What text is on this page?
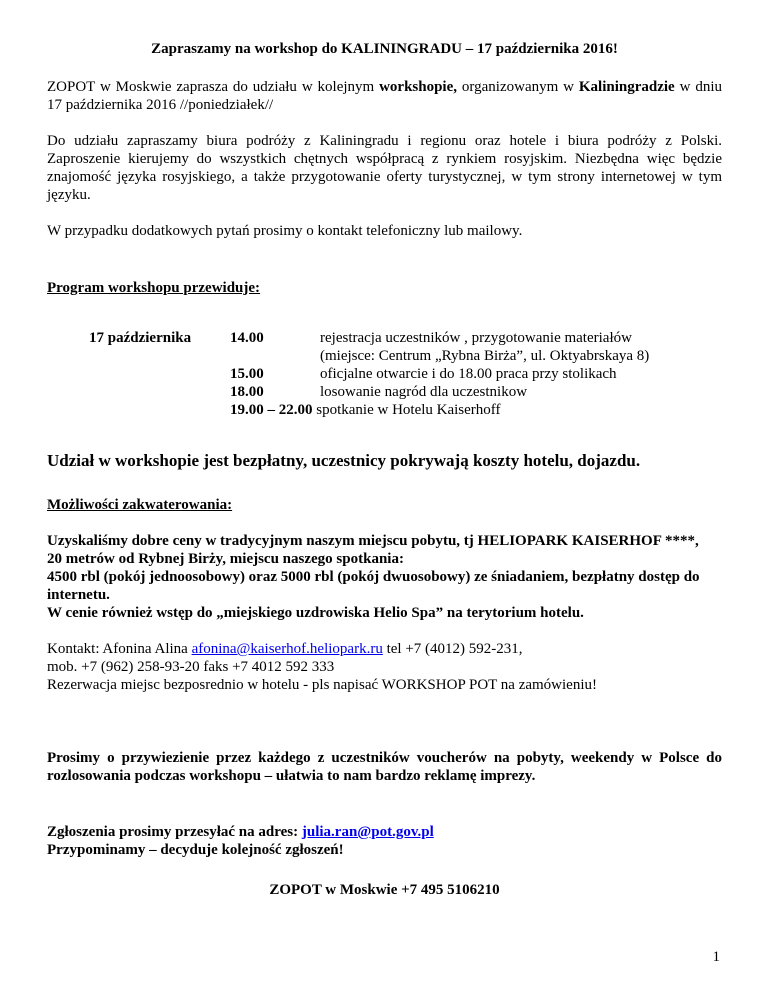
Zapraszamy na workshop do KALININGRADU – 17 października 2016!

ZOPOT w Moskwie zaprasza do udziału w kolejnym workshopie, organizowanym w Kaliningradzie w dniu 17 października 2016 //poniedziałek//

Do udziału zapraszamy biura podróży z Kaliningradu i regionu oraz hotele i biura podróży z Polski. Zaproszenie kierujemy do wszystkich chętnych współpracą z rynkiem rosyjskim. Niezbędna więc będzie znajomość języka rosyjskiego, a także przygotowanie oferty turystycznej, w tym strony internetowej w tym języku.

W przypadku dodatkowych pytań prosimy o kontakt telefoniczny lub mailowy.

Program workshopu przewiduje:

17 października	14.00	rejestracja uczestników , przygotowanie materiałów
(miejsce: Centrum „Rybna Birża”, ul. Oktyabrskaya 8)
15.00	oficjalne otwarcie i do 18.00 praca przy stolikach
18.00	losowanie nagród dla uczestnikow
19.00 – 22.00 spotkanie w Hotelu Kaiserhoff

Udział w workshopie jest bezpłatny, uczestnicy pokrywają koszty hotelu, dojazdu.

Możliwości zakwaterowania:

Uzyskaliśmy dobre ceny w tradycyjnym naszym miejscu pobytu, tj HELIOPARK KAISERHOF ****,

20 metrów od Rybnej Birży, miejscu naszego spotkania:

4500 rbl (pokój jednoosobowy) oraz 5000 rbl (pokój dwuosobowy) ze śniadaniem, bezpłatny dostęp do internetu.

W cenie również wstęp do „miejskiego uzdrowiska Helio Spa” na terytorium hotelu.

Kontakt: Afonina Alina afonina@kaiserhof.heliopark.ru tel +7 (4012) 592-231,

mob. +7 (962) 258-93-20 faks +7 4012 592 333

Rezerwacja miejsc bezposrednio w hotelu - pls napisać WORKSHOP POT na zamówieniu!

Prosimy o przywiezienie przez każdego z uczestników voucherów na pobyty, weekendy w Polsce do rozlosowania podczas workshopu – ułatwia to nam bardzo reklamę imprezy.

Zgłoszenia prosimy przesyłać na adres: julia.ran@pot.gov.pl

Przypominamy – decyduje kolejność zgłoszeń!

ZOPOT w Moskwie +7 495 5106210

1
